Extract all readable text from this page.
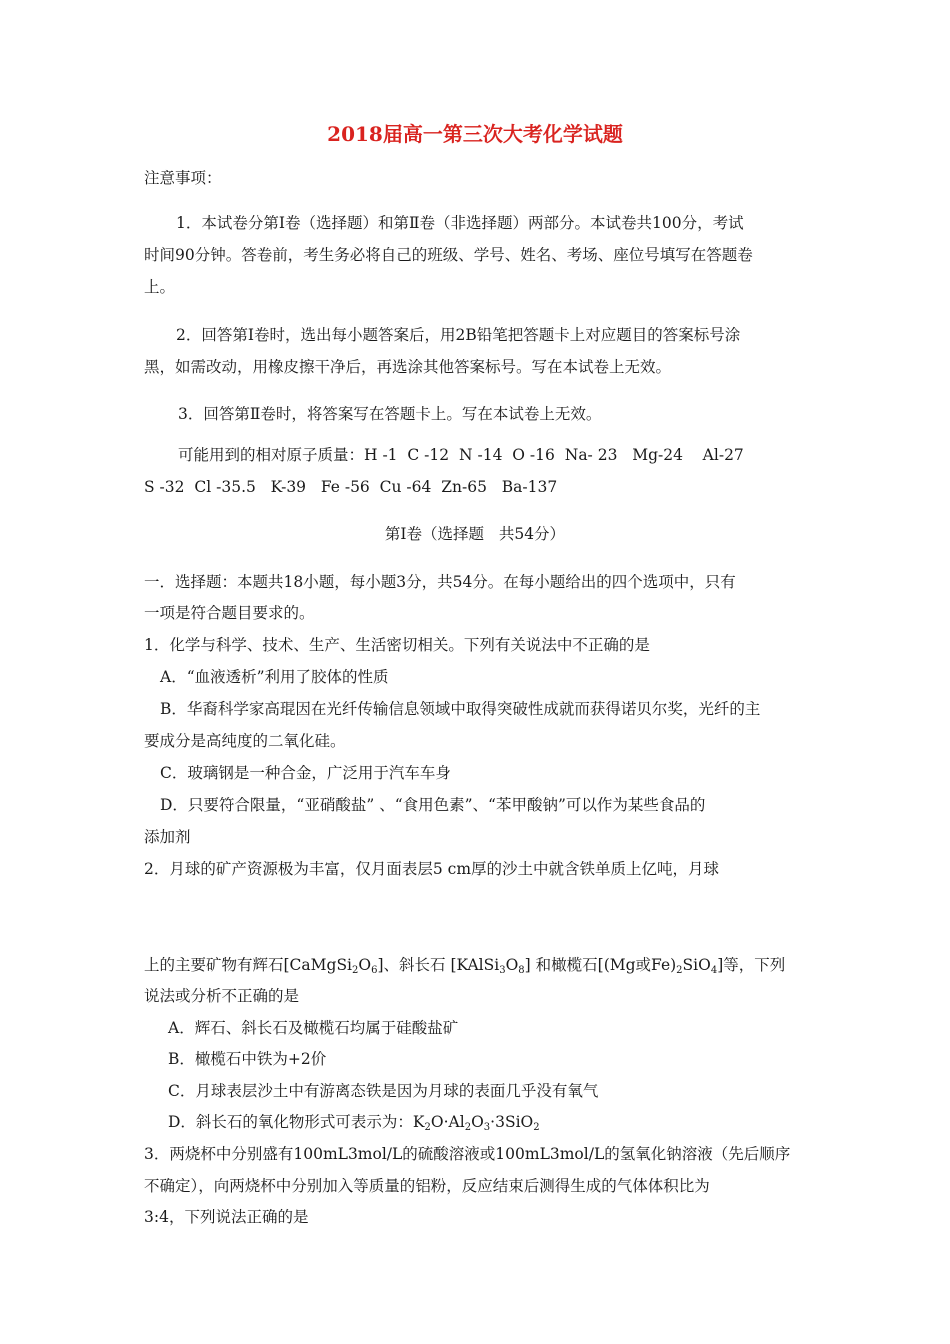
2018届高一第三次大考化学试题
注意事项：
1．本试卷分第Ⅰ卷（选择题）和第Ⅱ卷（非选择题）两部分。本试卷共100分，考试
时间90分钟。答卷前，考生务必将自己的班级、学号、姓名、考场、座位号填写在答题卷
上。
2．回答第Ⅰ卷时，选出每小题答案后，用2B铅笔把答题卡上对应题目的答案标号涂
黑，如需改动，用橡皮擦干净后，再选涂其他答案标号。写在本试卷上无效。
3．回答第Ⅱ卷时，将答案写在答题卡上。写在本试卷上无效。
可能用到的相对原子质量：H -1  C -12  N -14  O -16  Na- 23   Mg-24    Al-27
S -32  Cl -35.5   K-39   Fe -56  Cu -64  Zn-65   Ba-137
第Ⅰ卷（选择题   共54分）
一．选择题：本题共18小题，每小题3分，共54分。在每小题给出的四个选项中，只有
一项是符合题目要求的。
1．化学与科学、技术、生产、生活密切相关。下列有关说法中不正确的是
A．“血液透析”利用了胶体的性质
B．华裔科学家高琨因在光纤传输信息领域中取得突破性成就而获得诺贝尔奖，光纤的主
要成分是高纯度的二氧化硅。
C．玻璃钢是一种合金，广泛用于汽车车身
D．只要符合限量，“亚硝酸盐” 、“食用色素”、“苯甲酸钠”可以作为某些食品的
添加剂
2．月球的矿产资源极为丰富，仅月面表层5 cm厚的沙土中就含铁单质上亿吨，月球
上的主要矿物有辉石$[CaMgSi_2O_6]$、斜长石 $[KAlSi_3O_8]$ 和橄榄石[(Mg或$Fe)_2SiO_4$]等，下列
说法或分析不正确的是
A．辉石、斜长石及橄榄石均属于硅酸盐矿
B．橄榄石中铁为+2价
C．月球表层沙土中有游离态铁是因为月球的表面几乎没有氧气
D．斜长石的氧化物形式可表示为：$K_2O\cdot Al_2O_3\cdot 3SiO_2$
3．两烧杯中分别盛有100mL3mol/L的硫酸溶液或100mL3mol/L的氢氧化钠溶液（先后顺序
不确定），向两烧杯中分别加入等质量的铝粉，反应结束后测得生成的气体体积比为
3:4，下列说法正确的是
